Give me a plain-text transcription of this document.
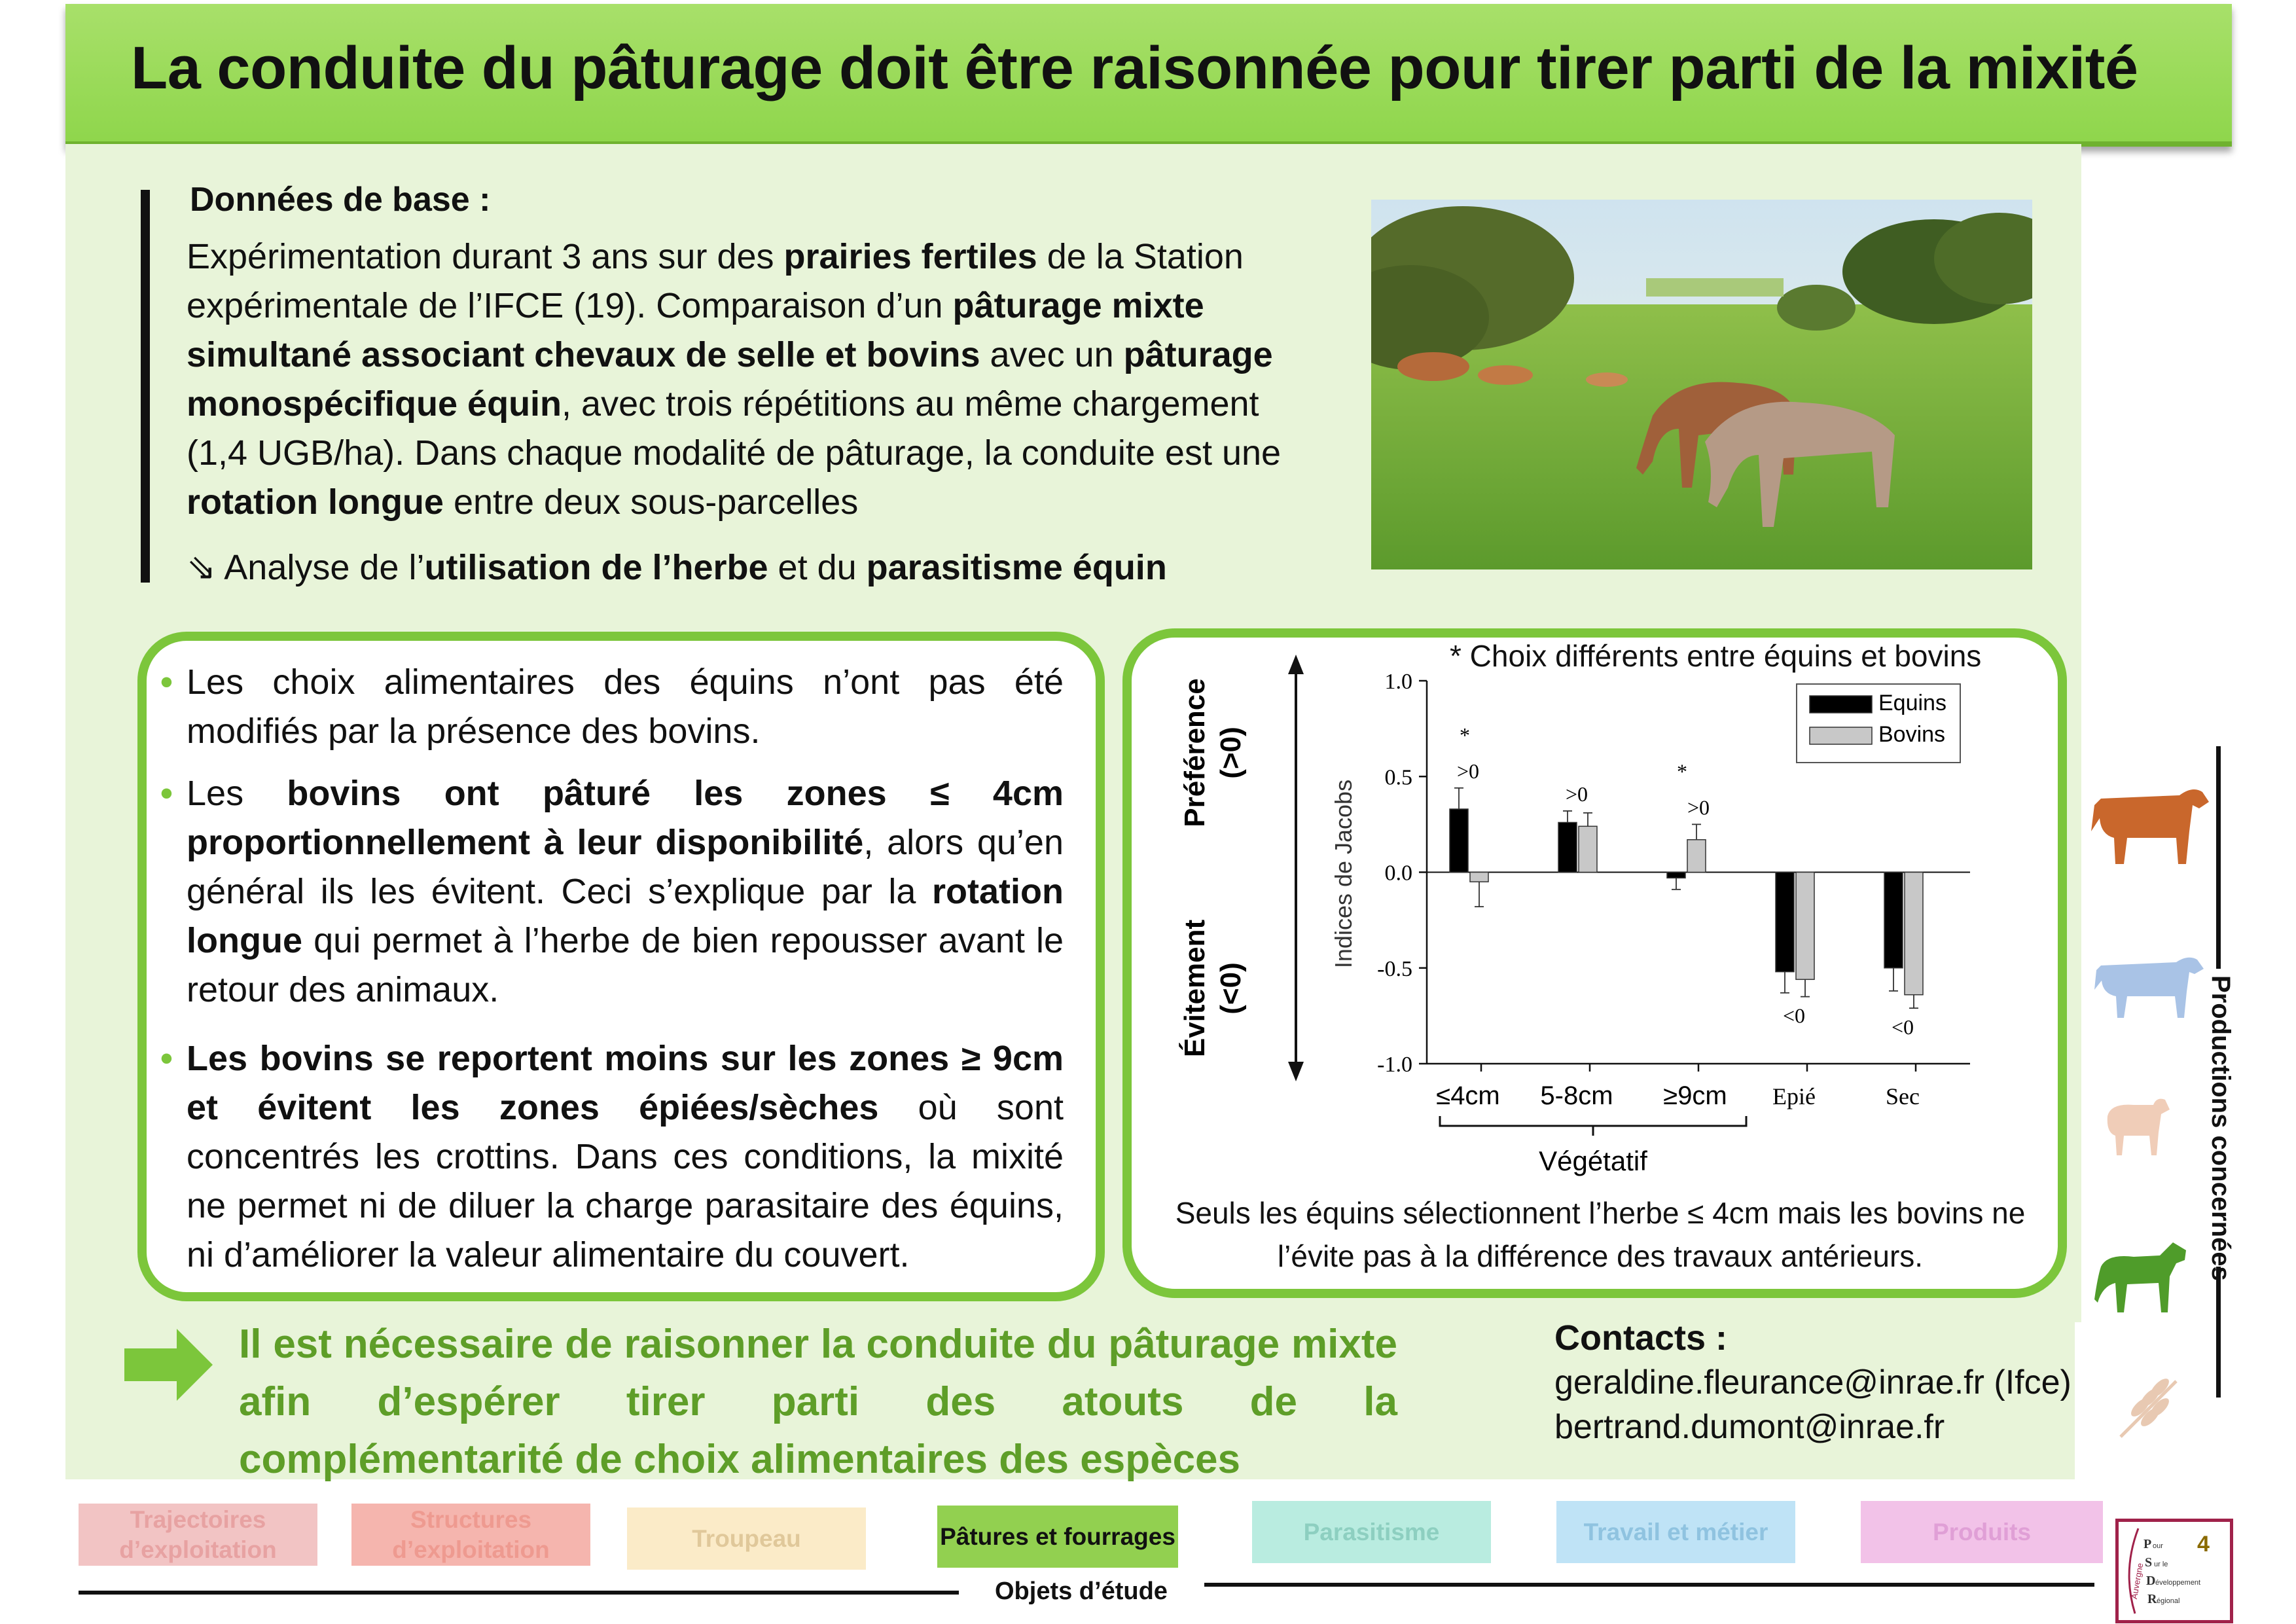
La conduite du pâturage doit être raisonnée pour tirer parti de la mixité
Données de base :
Expérimentation durant 3 ans sur des prairies fertiles de la Station expérimentale de l’IFCE (19). Comparaison d’un pâturage mixte simultané associant chevaux de selle et bovins avec un pâturage monospécifique équin, avec trois répétitions au même chargement (1,4 UGB/ha). Dans chaque modalité de pâturage, la conduite est une rotation longue entre deux sous-parcelles
⇘ Analyse de l’utilisation de l’herbe et du parasitisme équin
• Les choix alimentaires des équins n’ont pas été modifiés par la présence des bovins.
• Les bovins ont pâturé les zones ≤ 4cm proportionnellement à leur disponibilité, alors qu’en général ils les évitent. Ceci s’explique par la rotation longue qui permet à l’herbe de bien repousser avant le retour des animaux.
• Les bovins se reportent moins sur les zones ≥ 9cm et évitent les zones épiées/sèches où sont concentrés les crottins. Dans ces conditions, la mixité ne permet ni de diluer la charge parasitaire des équins, ni d’améliorer la valeur alimentaire du couvert.
* Choix différents entre équins et bovins
Préférence (>0)
Évitement (<0)
Indices de Jacobs
1.0
0.5
0.0
-0.5
-1.0
>0
*
≤4cm
>0
5-8cm
>0
*
≥9cm
<0
Epié
<0
Sec
Végétatif
Equins
Bovins
Seuls les équins sélectionnent l’herbe ≤ 4cm mais les bovins ne l’évite pas à la différence des travaux antérieurs.
Il est nécessaire de raisonner la conduite du pâturage mixte afin d’espérer tirer parti des atouts de la
complémentarité de choix alimentaires des espèces
Contacts :
geraldine.fleurance@inrae.fr (Ifce)
bertrand.dumont@inrae.fr
Productions concernées
Trajectoires d’exploitation
Structures d’exploitation	Troupeau	Pâtures et fourrages	Parasitisme	Travail et métier	Produits
Objets d’étude	Auvergne
P our
S ur le
D éveloppement
R égional
4
